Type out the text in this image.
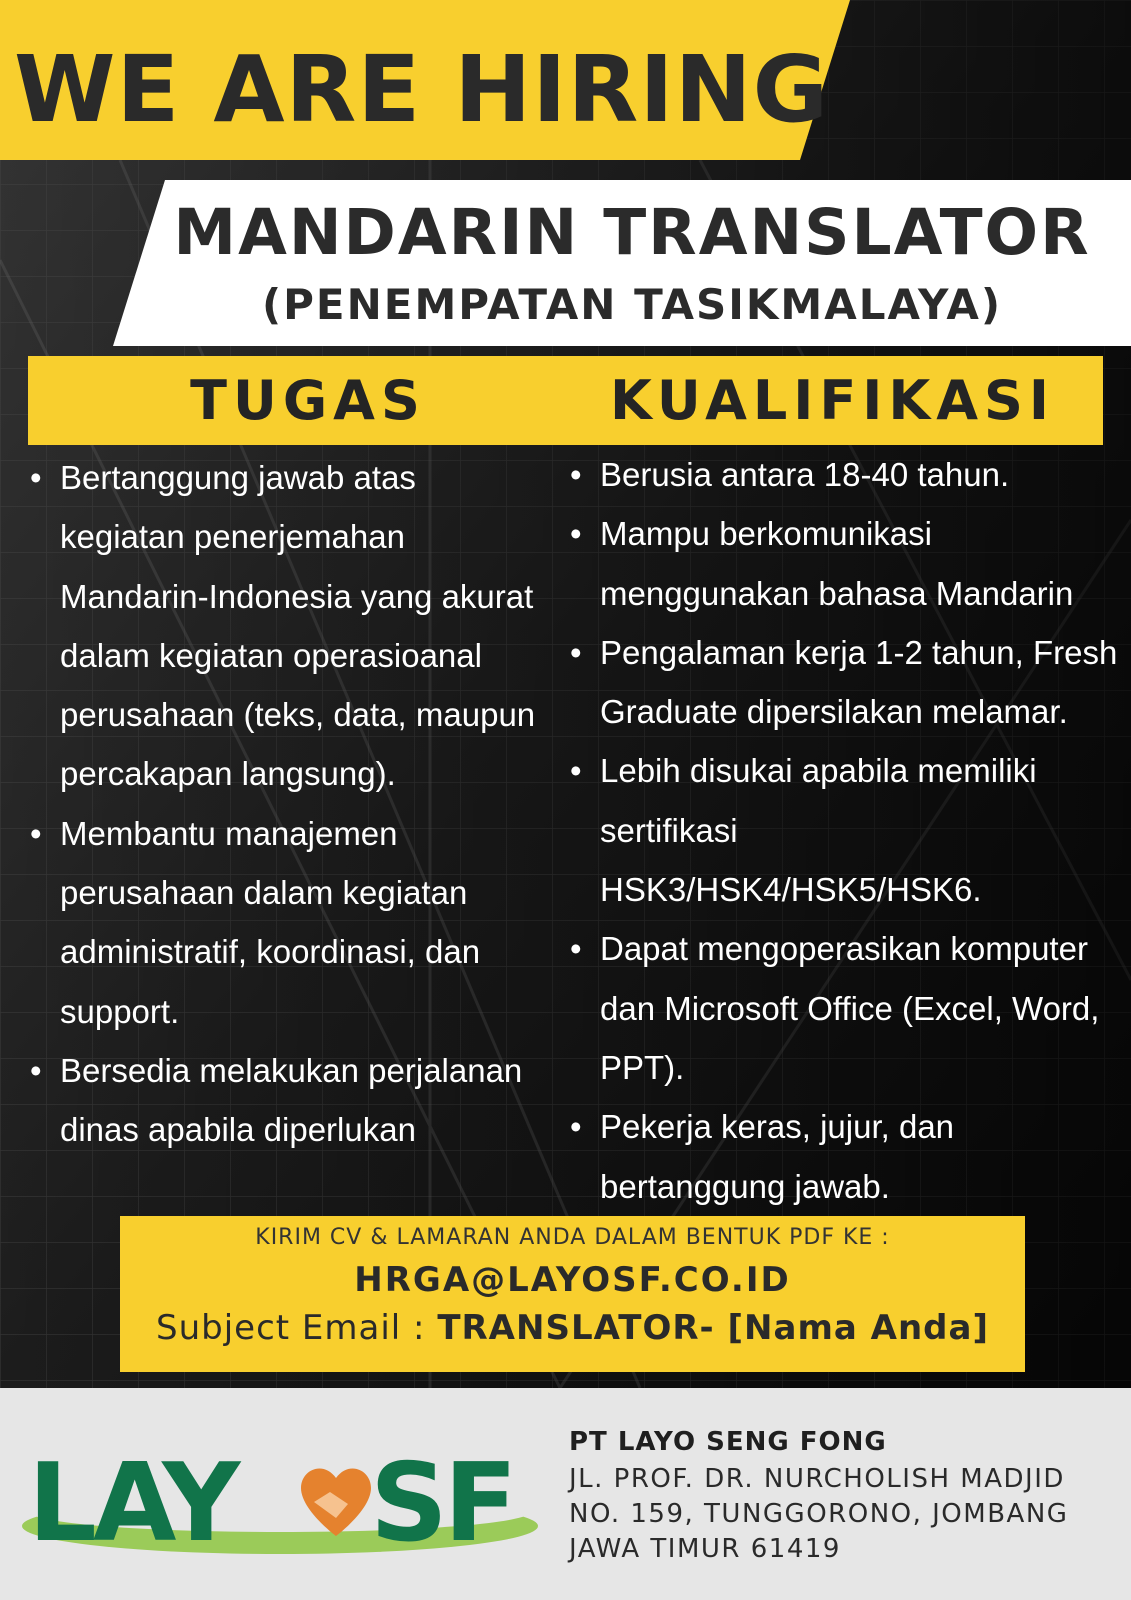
WE ARE HIRING
MANDARIN TRANSLATOR
(PENEMPATAN TASIKMALAYA)
TUGAS	KUALIFIKASI
• Bertanggung jawab atas
kegiatan penerjemahan
Mandarin-Indonesia yang akurat
dalam kegiatan operasioanal
perusahaan (teks, data, maupun
percakapan langsung).
• Membantu manajemen
perusahaan dalam kegiatan
administratif, koordinasi, dan
support.
• Bersedia melakukan perjalanan
dinas apabila diperlukan
• Berusia antara 18-40 tahun.
• Mampu berkomunikasi
menggunakan bahasa Mandarin
• Pengalaman kerja 1-2 tahun, Fresh
Graduate dipersilakan melamar.
• Lebih disukai apabila memiliki
sertifikasi
HSK3/HSK4/HSK5/HSK6.
• Dapat mengoperasikan komputer
dan Microsoft Office (Excel, Word,
PPT).
• Pekerja keras, jujur, dan
bertanggung jawab.
KIRIM CV & LAMARAN ANDA DALAM BENTUK PDF KE :
HRGA@LAYOSF.CO.ID
Subject Email : TRANSLATOR- [Nama Anda]
LAY SF PT LAYO SENG FONG
JL. PROF. DR. NURCHOLISH MADJID
NO. 159, TUNGGORONO, JOMBANG
JAWA TIMUR 61419
